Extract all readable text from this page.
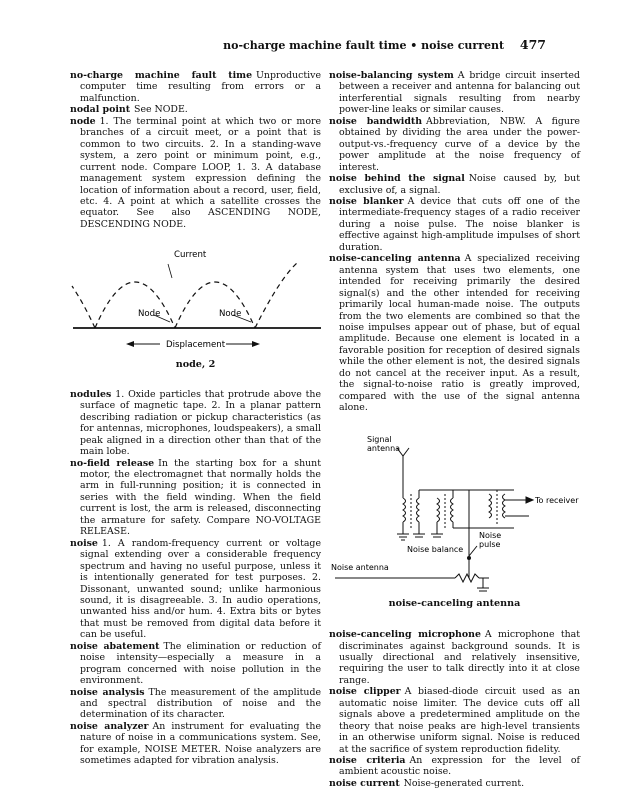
no-charge machine fault time • noise current 477

no-charge machine fault time Unproductive computer time resulting from errors or a malfunction.

nodal point See NODE.

node 1. The terminal point at which two or more branches of a circuit meet, or a point that is common to two circuits. 2. In a standing-wave system, a zero point or minimum point, e.g., current node. Compare LOOP, 1. 3. A database management system expression defining the location of information about a record, user, field, etc. 4. A point at which a satellite crosses the equator. See also ASCENDING NODE, DESCENDING NODE.

Current
Node	Node
Displacement
node, 2

nodules 1. Oxide particles that protrude above the surface of magnetic tape. 2. In a planar pattern describing radiation or pickup characteristics (as for antennas, microphones, loudspeakers), a small peak aligned in a direction other than that of the main lobe.

no-field release In the starting box for a shunt motor, the electromagnet that normally holds the arm in full-running position; it is connected in series with the field winding. When the field current is lost, the arm is released, disconnecting the armature for safety. Compare NO-VOLTAGE RELEASE.

noise 1. A random-frequency current or voltage signal extending over a considerable frequency spectrum and having no useful purpose, unless it is intentionally generated for test purposes. 2. Dissonant, unwanted sound; unlike harmonious sound, it is disagreeable. 3. In audio operations, unwanted hiss and/or hum. 4. Extra bits or bytes that must be removed from digital data before it can be useful.

noise abatement The elimination or reduction of noise intensity—especially a measure in a program concerned with noise pollution in the environment.

noise analysis The measurement of the amplitude and spectral distribution of noise and the determination of its character.

noise analyzer An instrument for evaluating the nature of noise in a communications system. See, for example, NOISE METER. Noise analyzers are sometimes adapted for vibration analysis.

noise-balancing system A bridge circuit inserted between a receiver and antenna for balancing out interferential signals resulting from nearby power-line leaks or similar causes.

noise bandwidth Abbreviation, NBW. A figure obtained by dividing the area under the power-output-vs.-frequency curve of a device by the power amplitude at the noise frequency of interest.

noise behind the signal Noise caused by, but exclusive of, a signal.

noise blanker A device that cuts off one of the intermediate-frequency stages of a radio receiver during a noise pulse. The noise blanker is effective against high-amplitude impulses of short duration.

noise-canceling antenna A specialized receiving antenna system that uses two elements, one intended for receiving primarily the desired signal(s) and the other intended for receiving primarily local human-made noise. The outputs from the two elements are combined so that the noise impulses appear out of phase, but of equal amplitude. Because one element is located in a favorable position for reception of desired signals while the other element is not, the desired signals do not cancel at the receiver input. As a result, the signal-to-noise ratio is greatly improved, compared with the use of the signal antenna alone.

Signal
antenna
To receiver
Noise
pulse
Noise balance
Noise antenna
noise-canceling antenna

noise-canceling microphone A microphone that discriminates against background sounds. It is usually directional and relatively insensitive, requiring the user to talk directly into it at close range.

noise clipper A biased-diode circuit used as an automatic noise limiter. The device cuts off all signals above a predetermined amplitude on the theory that noise peaks are high-level transients in an otherwise uniform signal. Noise is reduced at the sacrifice of system reproduction fidelity.

noise criteria An expression for the level of ambient acoustic noise.

noise current Noise-generated current.
